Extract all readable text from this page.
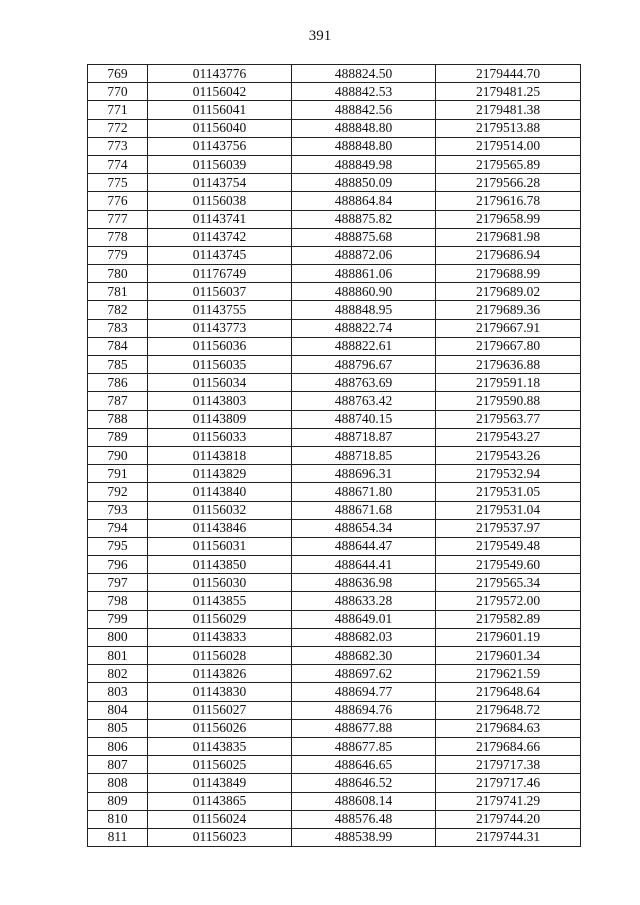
391
769	01143776	488824.50	2179444.70
770	01156042	488842.53	2179481.25
771	01156041	488842.56	2179481.38
772	01156040	488848.80	2179513.88
773	01143756	488848.80	2179514.00
774	01156039	488849.98	2179565.89
775	01143754	488850.09	2179566.28
776	01156038	488864.84	2179616.78
777	01143741	488875.82	2179658.99
778	01143742	488875.68	2179681.98
779	01143745	488872.06	2179686.94
780	01176749	488861.06	2179688.99
781	01156037	488860.90	2179689.02
782	01143755	488848.95	2179689.36
783	01143773	488822.74	2179667.91
784	01156036	488822.61	2179667.80
785	01156035	488796.67	2179636.88
786	01156034	488763.69	2179591.18
787	01143803	488763.42	2179590.88
788	01143809	488740.15	2179563.77
789	01156033	488718.87	2179543.27
790	01143818	488718.85	2179543.26
791	01143829	488696.31	2179532.94
792	01143840	488671.80	2179531.05
793	01156032	488671.68	2179531.04
794	01143846	488654.34	2179537.97
795	01156031	488644.47	2179549.48
796	01143850	488644.41	2179549.60
797	01156030	488636.98	2179565.34
798	01143855	488633.28	2179572.00
799	01156029	488649.01	2179582.89
800	01143833	488682.03	2179601.19
801	01156028	488682.30	2179601.34
802	01143826	488697.62	2179621.59
803	01143830	488694.77	2179648.64
804	01156027	488694.76	2179648.72
805	01156026	488677.88	2179684.63
806	01143835	488677.85	2179684.66
807	01156025	488646.65	2179717.38
808	01143849	488646.52	2179717.46
809	01143865	488608.14	2179741.29
810	01156024	488576.48	2179744.20
811	01156023	488538.99	2179744.31
